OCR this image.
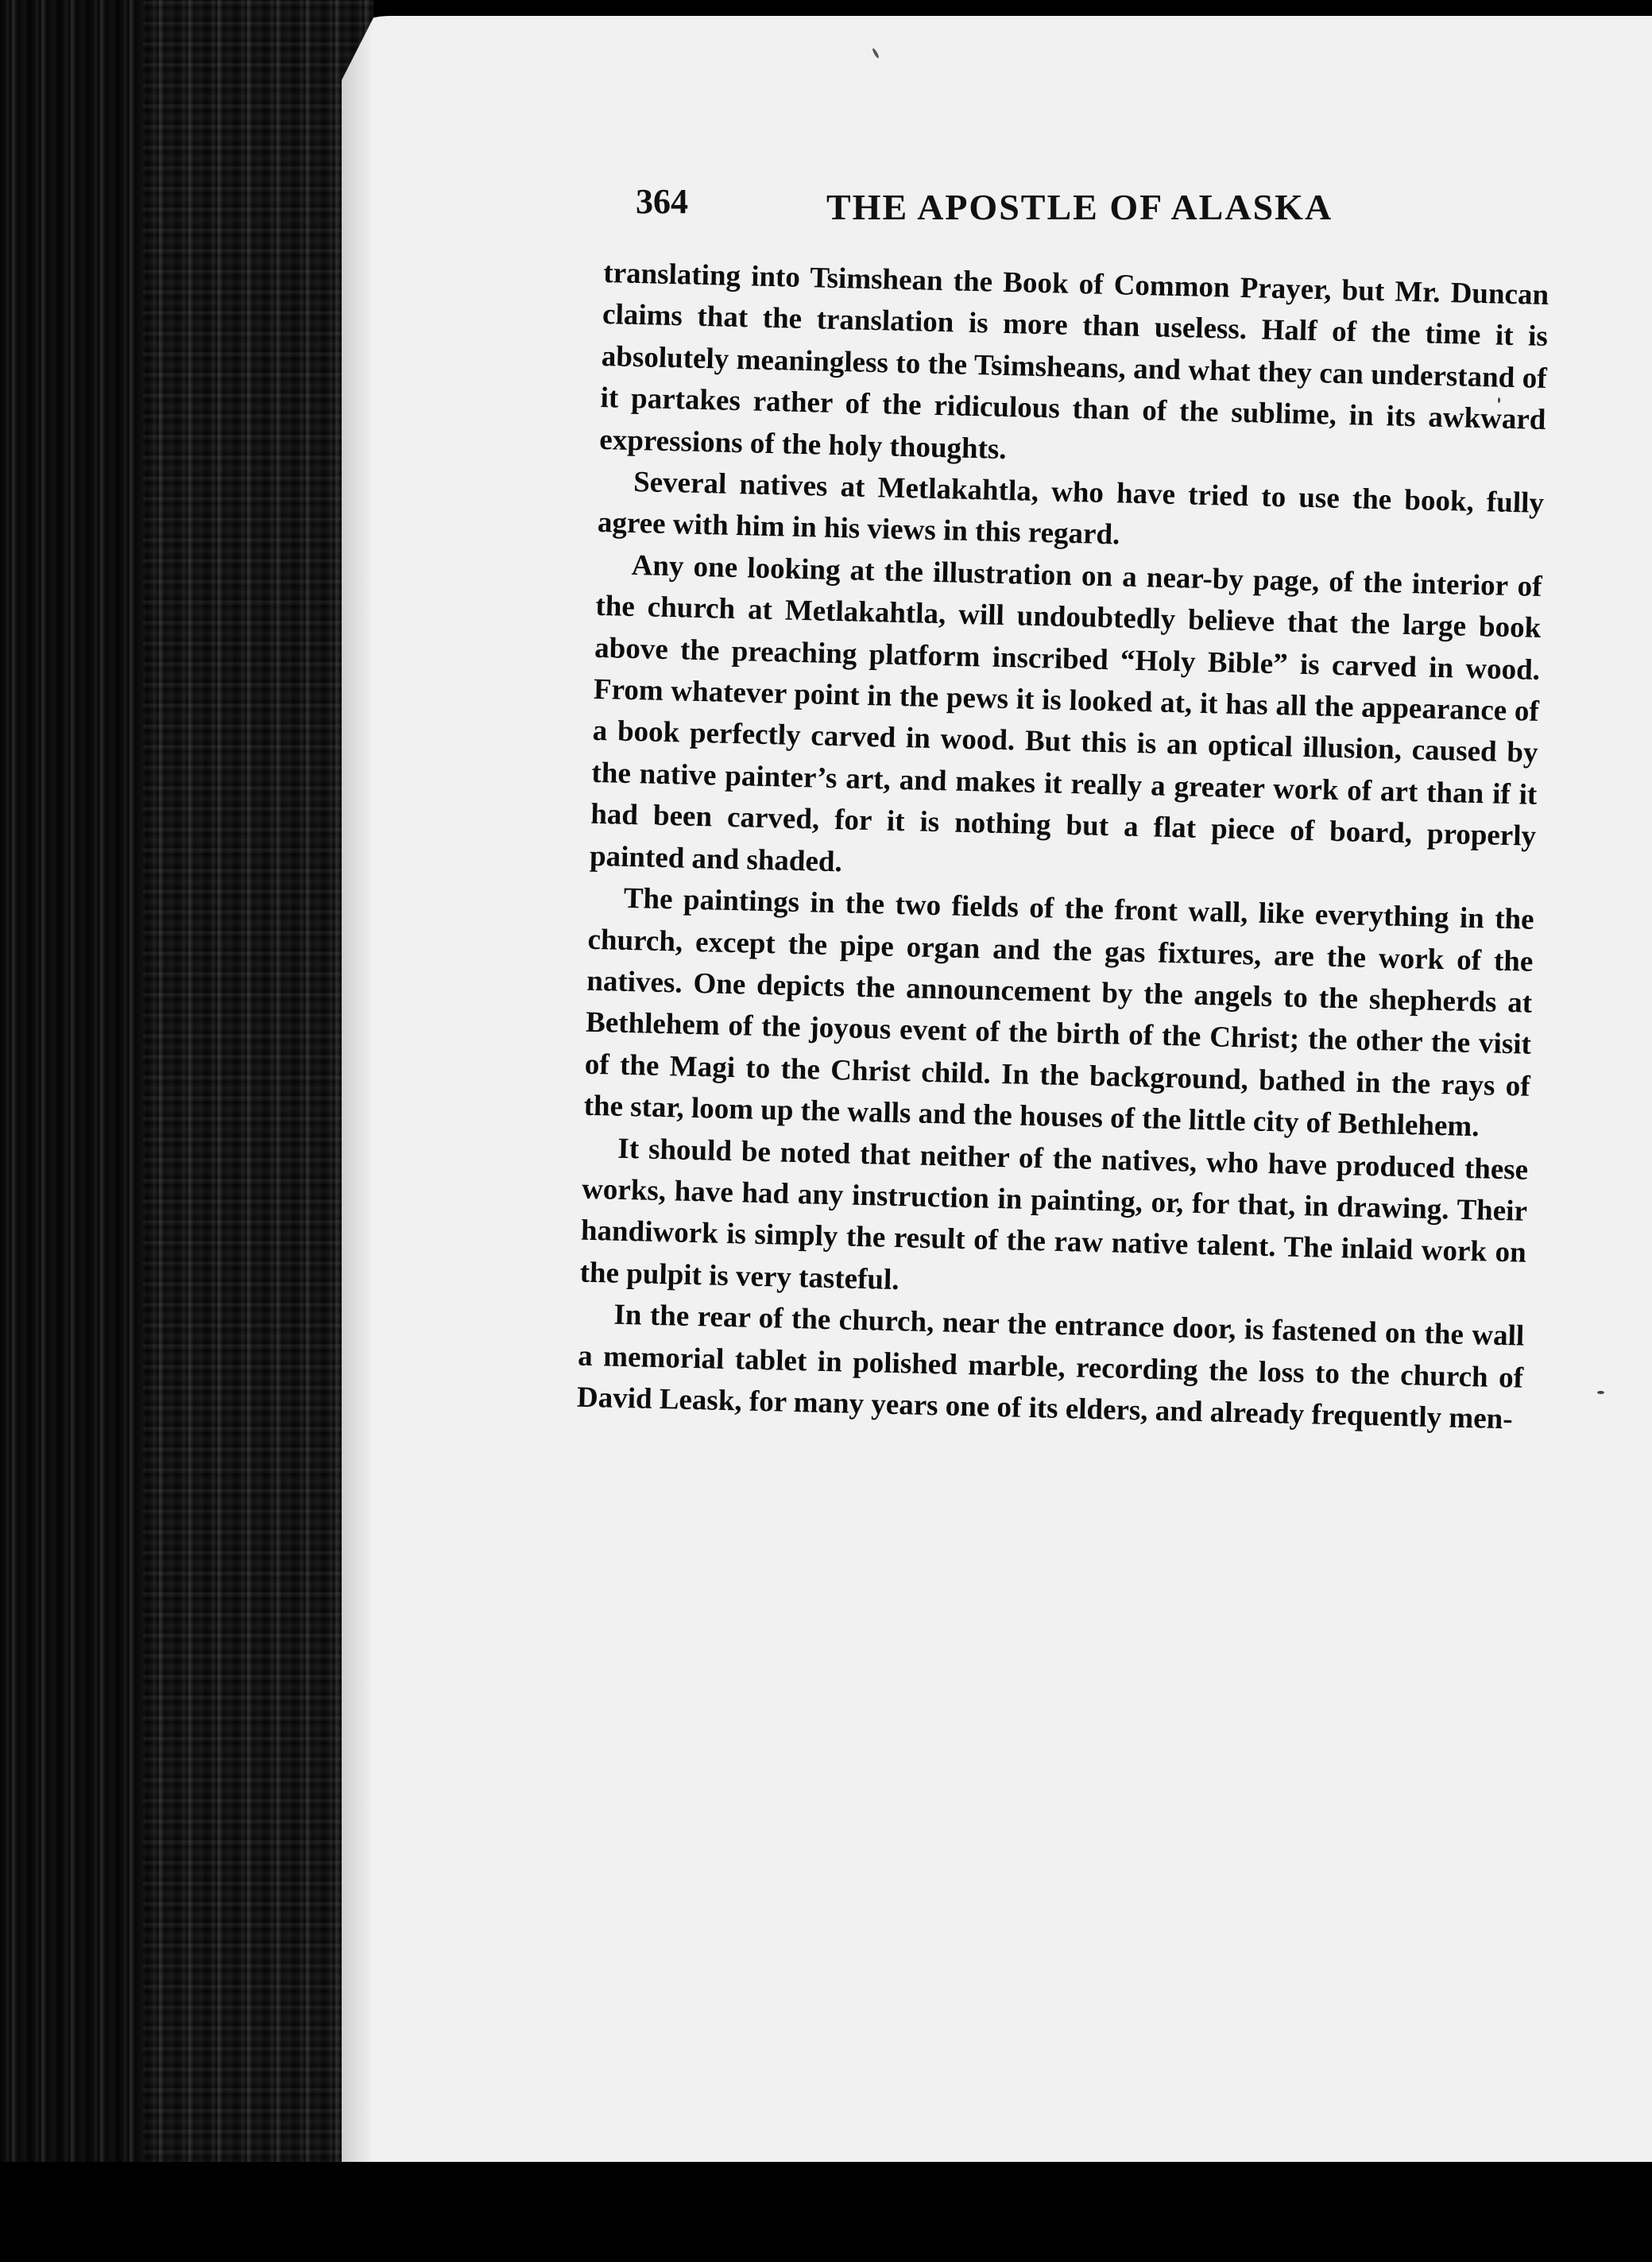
364	THE APOSTLE OF ALASKA

translating into Tsimshean the Book of Common Prayer, but Mr. Duncan claims that the translation is more than useless. Half of the time it is absolutely meaningless to the Tsimsheans, and what they can understand of it partakes rather of the ridiculous than of the sublime, in its awkward expressions of the holy thoughts.

Several natives at Metlakahtla, who have tried to use the book, fully agree with him in his views in this regard.

Any one looking at the illustration on a near-by page, of the interior of the church at Metlakahtla, will undoubtedly believe that the large book above the preaching platform inscribed “Holy Bible” is carved in wood. From whatever point in the pews it is looked at, it has all the appearance of a book perfectly carved in wood. But this is an optical illusion, caused by the native painter’s art, and makes it really a greater work of art than if it had been carved, for it is nothing but a flat piece of board, properly painted and shaded.

The paintings in the two fields of the front wall, like everything in the church, except the pipe organ and the gas fixtures, are the work of the natives. One depicts the announcement by the angels to the shepherds at Bethlehem of the joyous event of the birth of the Christ; the other the visit of the Magi to the Christ child. In the background, bathed in the rays of the star, loom up the walls and the houses of the little city of Bethlehem.

It should be noted that neither of the natives, who have produced these works, have had any instruction in painting, or, for that, in drawing. Their handiwork is simply the result of the raw native talent. The inlaid work on the pulpit is very tasteful.

In the rear of the church, near the entrance door, is fastened on the wall a memorial tablet in polished marble, recording the loss to the church of David Leask, for many years one of its elders, and already frequently men-
